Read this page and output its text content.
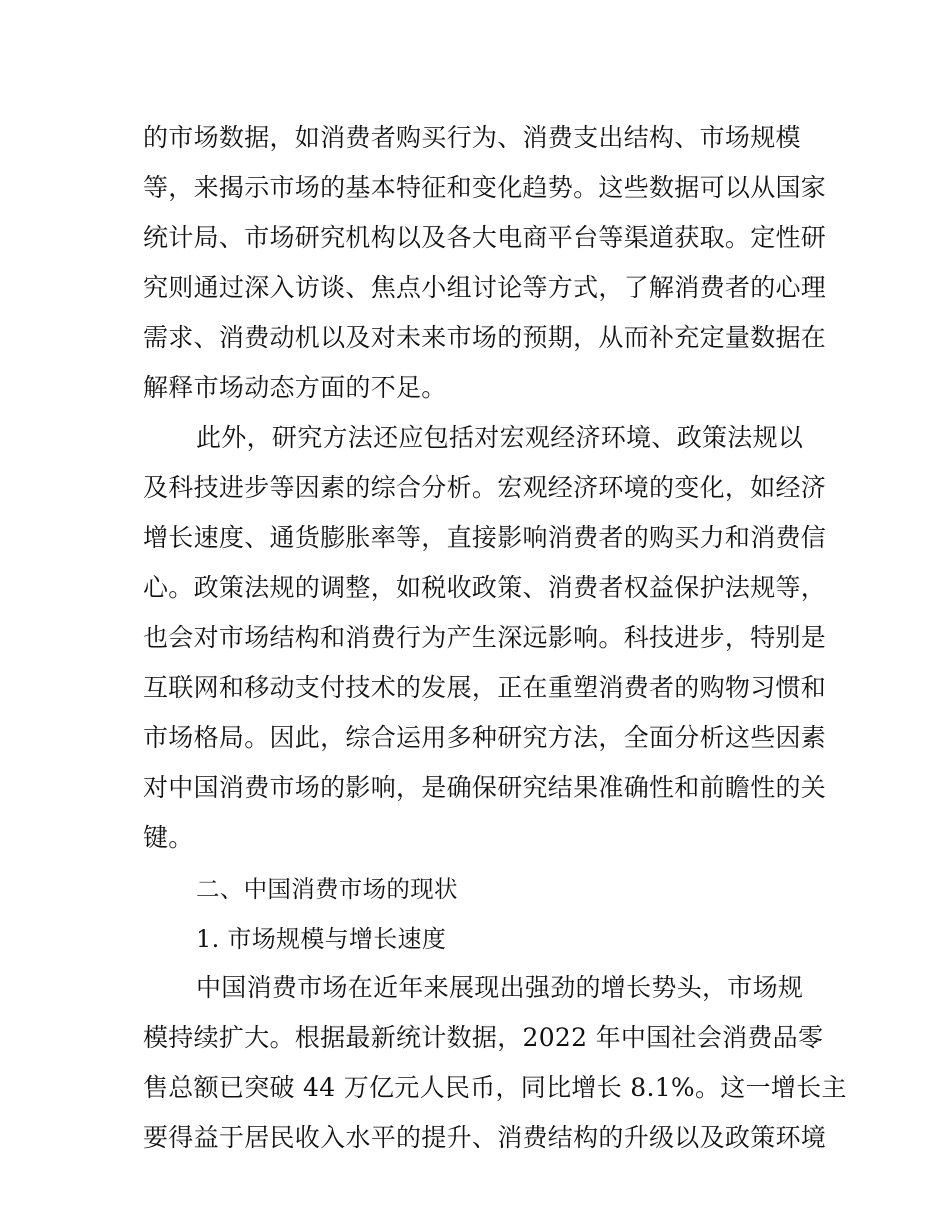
的市场数据，如消费者购买行为、消费支出结构、市场规模
等，来揭示市场的基本特征和变化趋势。这些数据可以从国家
统计局、市场研究机构以及各大电商平台等渠道获取。定性研
究则通过深入访谈、焦点小组讨论等方式，了解消费者的心理
需求、消费动机以及对未来市场的预期，从而补充定量数据在
解释市场动态方面的不足。
此外，研究方法还应包括对宏观经济环境、政策法规以
及科技进步等因素的综合分析。宏观经济环境的变化，如经济
增长速度、通货膨胀率等，直接影响消费者的购买力和消费信
心。政策法规的调整，如税收政策、消费者权益保护法规等，
也会对市场结构和消费行为产生深远影响。科技进步，特别是
互联网和移动支付技术的发展，正在重塑消费者的购物习惯和
市场格局。因此，综合运用多种研究方法，全面分析这些因素
对中国消费市场的影响，是确保研究结果准确性和前瞻性的关
键。
二、中国消费市场的现状
1. 市场规模与增长速度
中国消费市场在近年来展现出强劲的增长势头，市场规
模持续扩大。根据最新统计数据，2022 年中国社会消费品零
售总额已突破 44 万亿元人民币，同比增长 8.1%。这一增长主
要得益于居民收入水平的提升、消费结构的升级以及政策环境
